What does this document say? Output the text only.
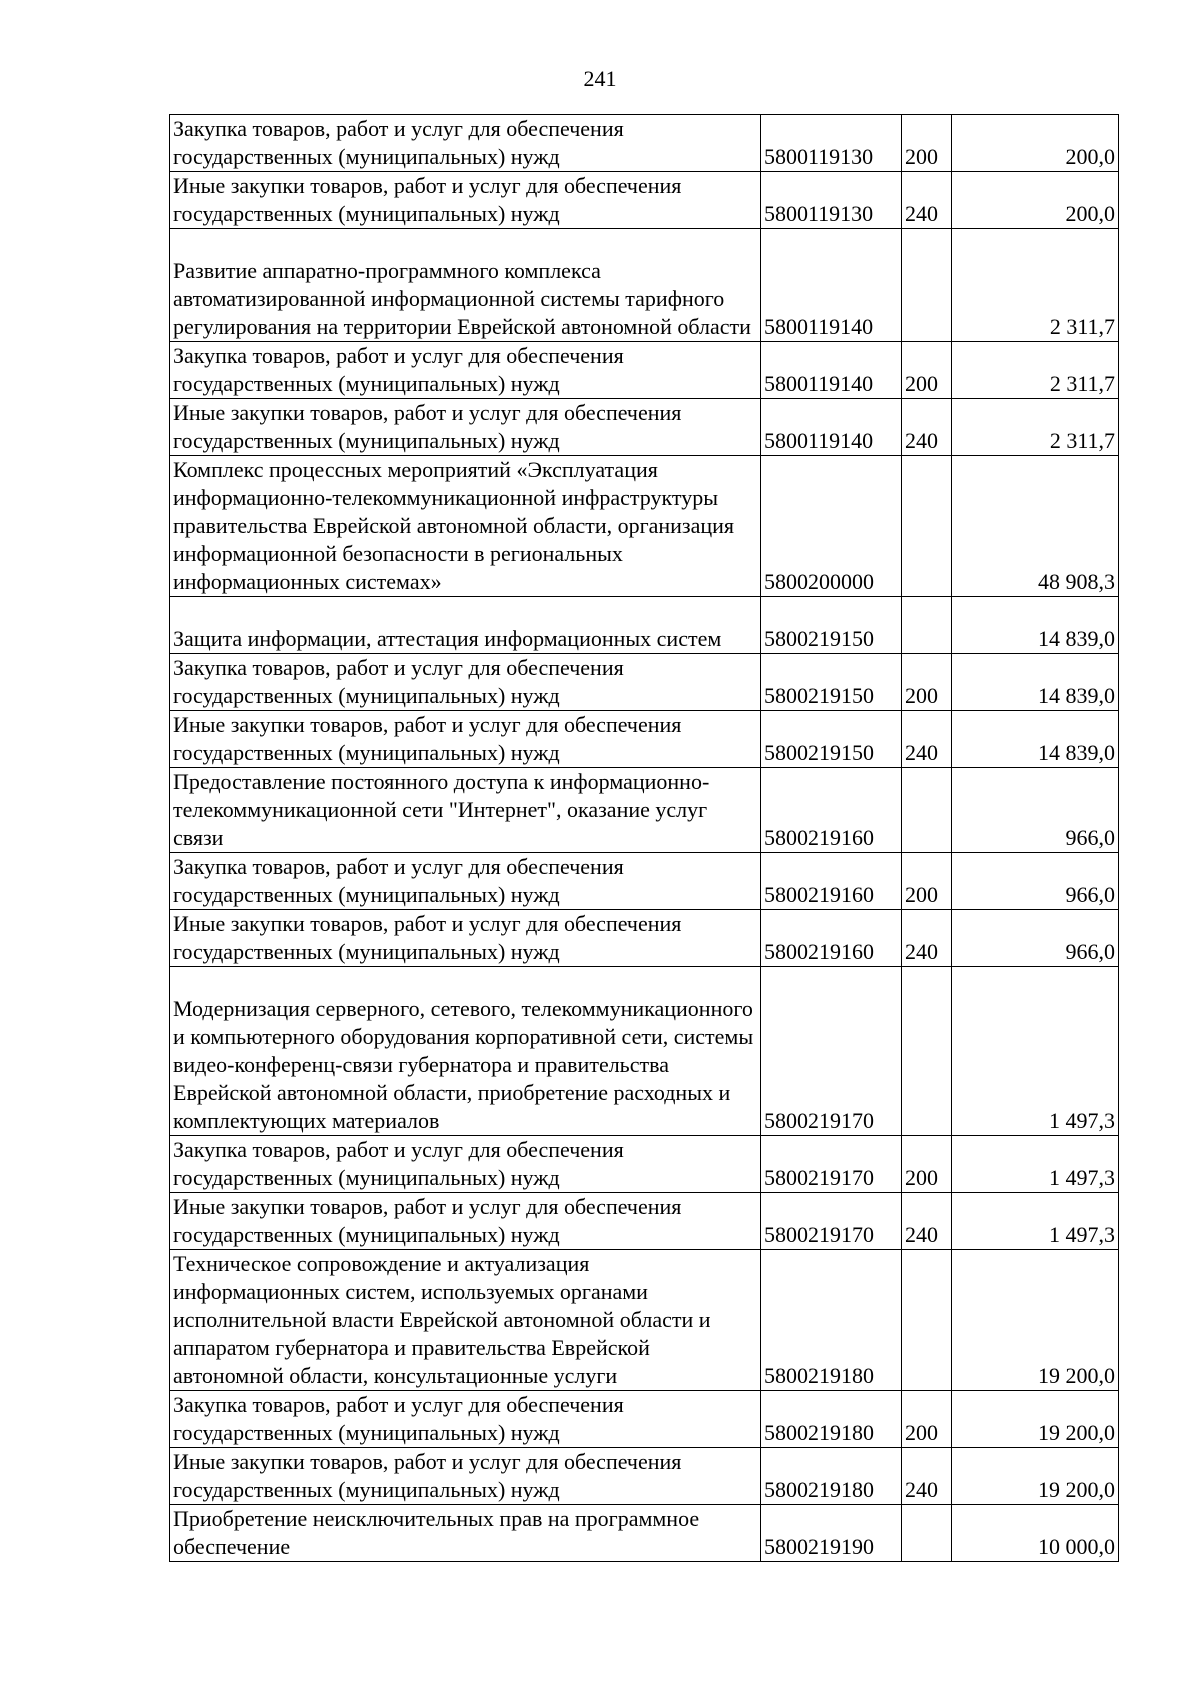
241
Закупка товаров, работ и услуг для обеспечения государственных (муниципальных) нужд	5800119130	200	200,0
Иные закупки товаров, работ и услуг для обеспечения государственных (муниципальных) нужд	5800119130	240	200,0
Развитие аппаратно-программного комплекса автоматизированной информационной системы тарифного регулирования на территории Еврейской автономной области	5800119140		2 311,7
Закупка товаров, работ и услуг для обеспечения государственных (муниципальных) нужд	5800119140	200	2 311,7
Иные закупки товаров, работ и услуг для обеспечения государственных (муниципальных) нужд	5800119140	240	2 311,7
Комплекс процессных мероприятий «Эксплуатация информационно-телекоммуникационной инфраструктуры правительства Еврейской автономной области, организация информационной безопасности в региональных информационных системах»	5800200000		48 908,3
Защита информации, аттестация информационных систем	5800219150		14 839,0
Закупка товаров, работ и услуг для обеспечения государственных (муниципальных) нужд	5800219150	200	14 839,0
Иные закупки товаров, работ и услуг для обеспечения государственных (муниципальных) нужд	5800219150	240	14 839,0
Предоставление постоянного доступа к информационно-телекоммуникационной сети "Интернет", оказание услуг связи	5800219160		966,0
Закупка товаров, работ и услуг для обеспечения государственных (муниципальных) нужд	5800219160	200	966,0
Иные закупки товаров, работ и услуг для обеспечения государственных (муниципальных) нужд	5800219160	240	966,0
Модернизация серверного, сетевого, телекоммуникационного и компьютерного оборудования корпоративной сети, системы видео-конференц-связи губернатора и правительства Еврейской автономной области, приобретение расходных и комплектующих материалов	5800219170		1 497,3
Закупка товаров, работ и услуг для обеспечения государственных (муниципальных) нужд	5800219170	200	1 497,3
Иные закупки товаров, работ и услуг для обеспечения государственных (муниципальных) нужд	5800219170	240	1 497,3
Техническое сопровождение и актуализация информационных систем, используемых органами исполнительной власти Еврейской автономной области и аппаратом губернатора и правительства Еврейской автономной области, консультационные услуги	5800219180		19 200,0
Закупка товаров, работ и услуг для обеспечения государственных (муниципальных) нужд	5800219180	200	19 200,0
Иные закупки товаров, работ и услуг для обеспечения государственных (муниципальных) нужд	5800219180	240	19 200,0
Приобретение неисключительных прав на программное обеспечение	5800219190		10 000,0
